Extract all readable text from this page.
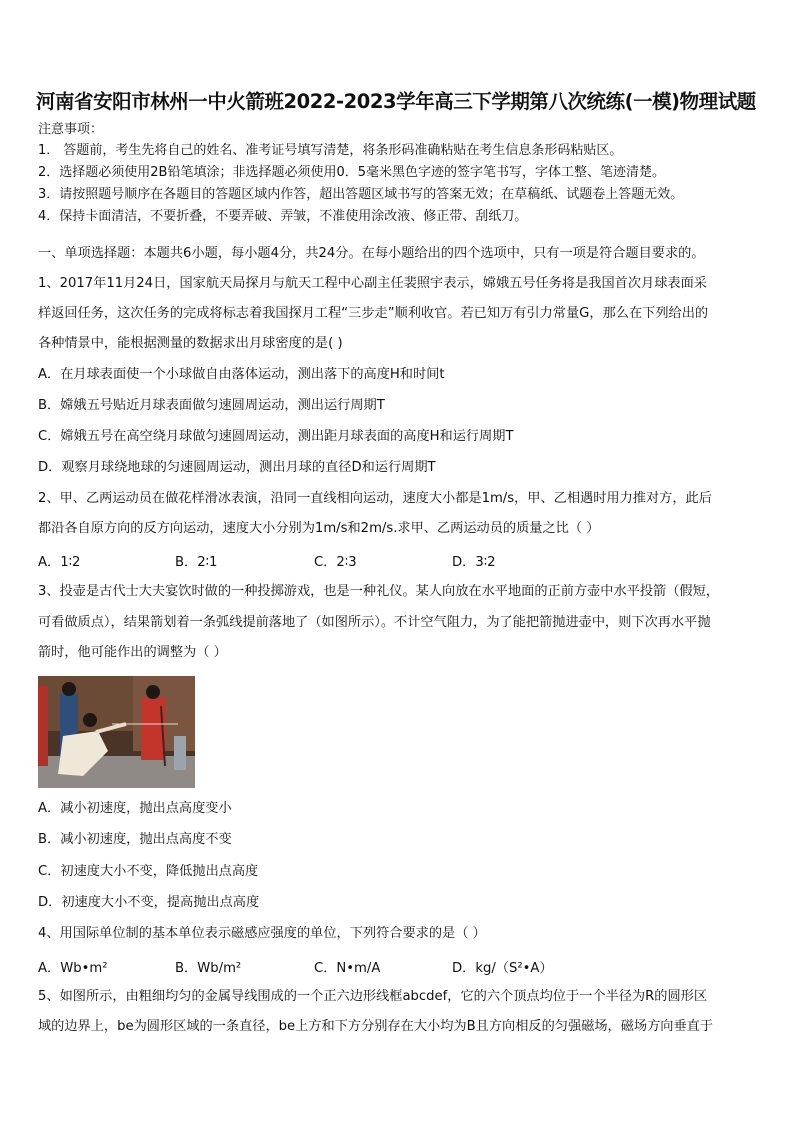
河南省安阳市林州一中火箭班2022-2023学年高三下学期第八次统练(一模)物理试题
注意事项：
1． 答题前，考生先将自己的姓名、准考证号填写清楚，将条形码准确粘贴在考生信息条形码粘贴区。
2．选择题必须使用2B铅笔填涂；非选择题必须使用0．5毫米黑色字迹的签字笔书写，字体工整、笔迹清楚。
3．请按照题号顺序在各题目的答题区域内作答，超出答题区域书写的答案无效；在草稿纸、试题卷上答题无效。
4．保持卡面清洁，不要折叠，不要弄破、弄皱，不准使用涂改液、修正带、刮纸刀。
一、单项选择题：本题共6小题，每小题4分，共24分。在每小题给出的四个选项中，只有一项是符合题目要求的。
1、2017年11月24日，国家航天局探月与航天工程中心副主任裴照宇表示，嫦娥五号任务将是我国首次月球表面采
样返回任务，这次任务的完成将标志着我国探月工程“三步走”顺利收官。若已知万有引力常量G，那么在下列给出的
各种情景中，能根据测量的数据求出月球密度的是( )
A．在月球表面使一个小球做自由落体运动，测出落下的高度H和时间t
B．嫦娥五号贴近月球表面做匀速圆周运动，测出运行周期T
C．嫦娥五号在高空绕月球做匀速圆周运动，测出距月球表面的高度H和运行周期T
D．观察月球绕地球的匀速圆周运动，测出月球的直径D和运行周期T
2、甲、乙两运动员在做花样滑冰表演，沿同一直线相向运动，速度大小都是1m/s，甲、乙相遇时用力推对方，此后
都沿各自原方向的反方向运动，速度大小分别为1m/s和2m/s.求甲、乙两运动员的质量之比（ ）
A．1∶2	B．2∶1	C．2∶3	D．3∶2
3、投壶是古代士大夫宴饮时做的一种投掷游戏，也是一种礼仪。某人向放在水平地面的正前方壶中水平投箭（假短，
可看做质点），结果箭划着一条弧线提前落地了（如图所示）。不计空气阻力，为了能把箭抛进壶中，则下次再水平抛
箭时，他可能作出的调整为（ ）
A．减小初速度，抛出点高度变小
B．减小初速度，抛出点高度不变
C．初速度大小不变，降低抛出点高度
D．初速度大小不变，提高抛出点高度
4、用国际单位制的基本单位表示磁感应强度的单位，下列符合要求的是（ ）
A．Wb•m²	B．Wb/m²	C．N•m/A	D．kg/（S²•A）
5、如图所示，由粗细均匀的金属导线围成的一个正六边形线框abcdef，它的六个顶点均位于一个半径为R的圆形区
域的边界上，be为圆形区域的一条直径，be上方和下方分别存在大小均为B且方向相反的匀强磁场，磁场方向垂直于
